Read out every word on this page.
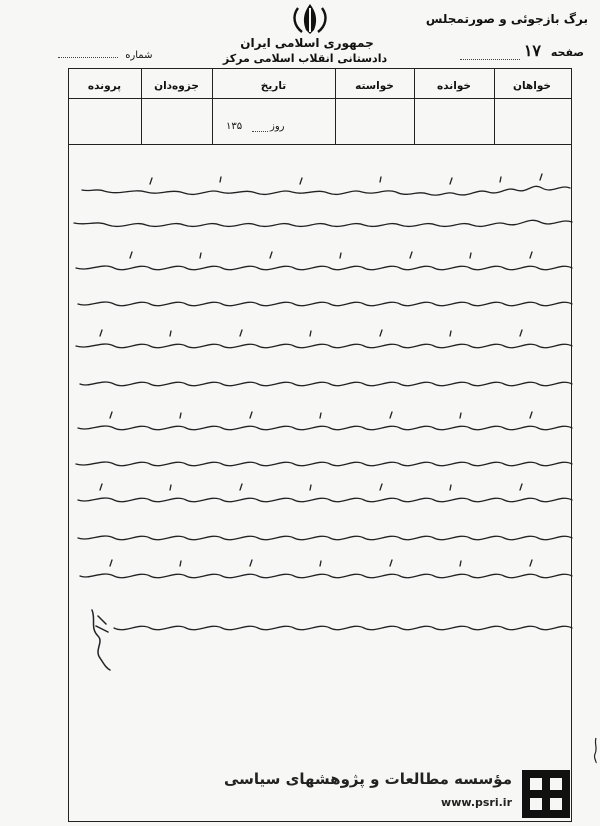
جمهوری اسلامی ایران
دادستانی انقلاب اسلامی مرکز
برگ بازجوئی و صورتمجلس
صفحه ۱۷
شماره
خواهان
خوانده
خواسته
تاریخ
جزوه‌دان
پرونده
روز
۱۳۵
مؤسسه مطالعات و پژوهشهای سیاسی
www.psri.ir
